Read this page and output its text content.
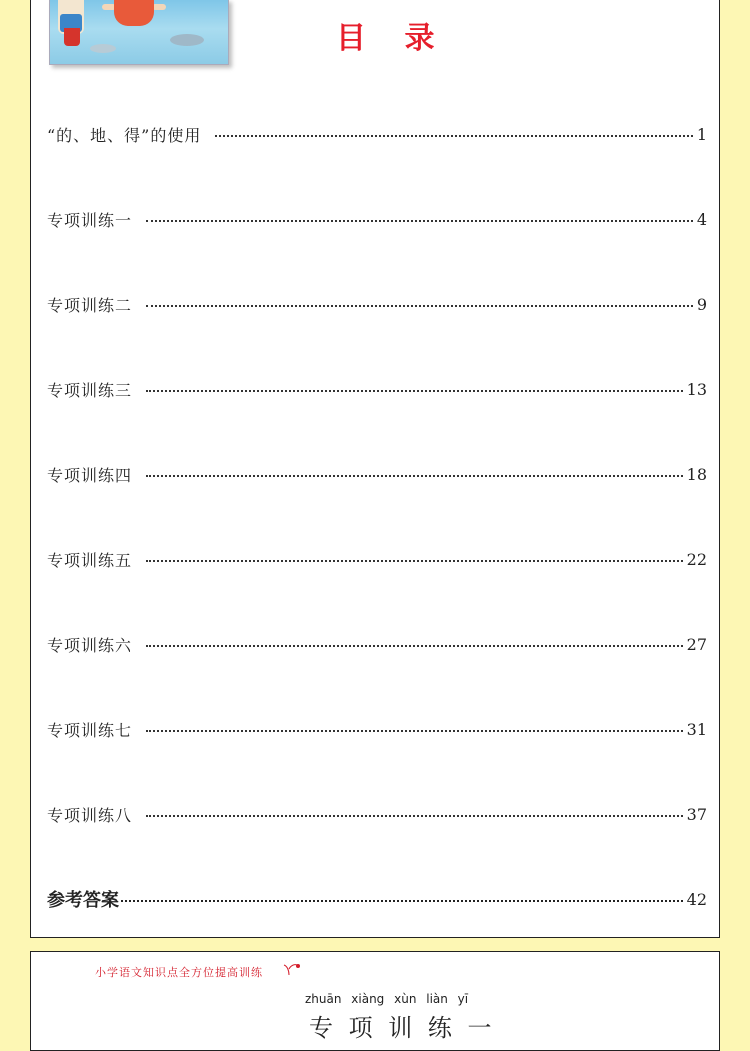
目 录
“的、地、得”的使用	1
专项训练一	4
专项训练二	9
专项训练三	13
专项训练四	18
专项训练五	22
专项训练六	27
专项训练七	31
专项训练八	37
参考答案	42
小学语文知识点全方位提高训练
zhuān xiàng xùn liàn yī
专 项 训 练 一
